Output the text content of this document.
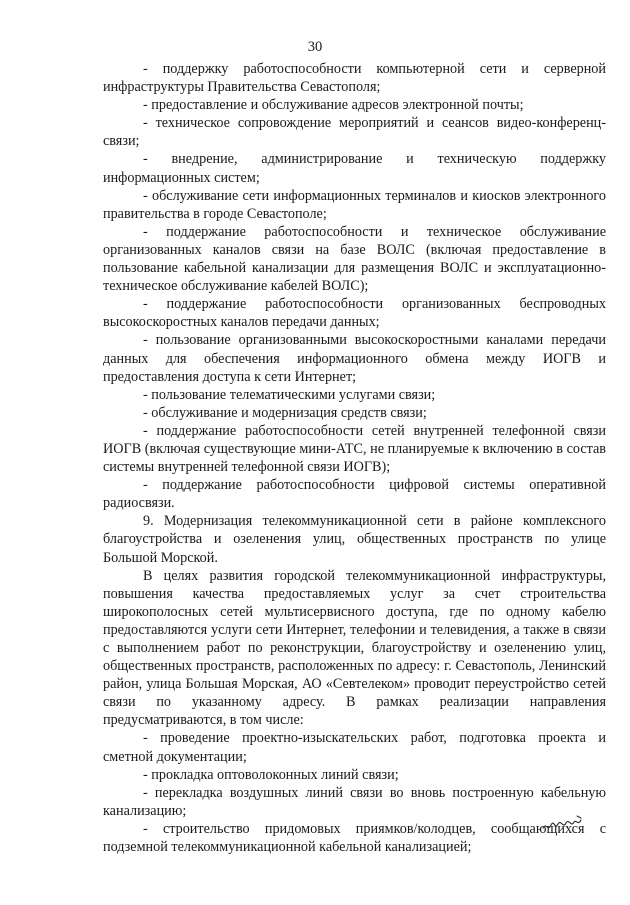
30

- поддержку работоспособности компьютерной сети и серверной инфраструктуры Правительства Севастополя;

- предоставление и обслуживание адресов электронной почты;

- техническое сопровождение мероприятий и сеансов видео-конференц-связи;

- внедрение, администрирование и техническую поддержку информационных систем;

- обслуживание сети информационных терминалов и киосков электронного правительства в городе Севастополе;

- поддержание работоспособности и техническое обслуживание организованных каналов связи на базе ВОЛС (включая предоставление в пользование кабельной канализации для размещения ВОЛС и эксплуатационно-техническое обслуживание кабелей ВОЛС);

- поддержание работоспособности организованных беспроводных высокоскоростных каналов передачи данных;

- пользование организованными высокоскоростными каналами передачи данных для обеспечения информационного обмена между ИОГВ и предоставления доступа к сети Интернет;

- пользование телематическими услугами связи;

- обслуживание и модернизация средств связи;

- поддержание работоспособности сетей внутренней телефонной связи ИОГВ (включая существующие мини-АТС, не планируемые к включению в состав системы внутренней телефонной связи ИОГВ);

- поддержание работоспособности цифровой системы оперативной радиосвязи.

9. Модернизация телекоммуникационной сети в районе комплексного благоустройства и озеленения улиц, общественных пространств по улице Большой Морской.

В целях развития городской телекоммуникационной инфраструктуры, повышения качества предоставляемых услуг за счет строительства широкополосных сетей мультисервисного доступа, где по одному кабелю предоставляются услуги сети Интернет, телефонии и телевидения, а также в связи с выполнением работ по реконструкции, благоустройству и озеленению улиц, общественных пространств, расположенных по адресу: г. Севастополь, Ленинский район, улица Большая Морская, АО «Севтелеком» проводит переустройство сетей связи по указанному адресу. В рамках реализации направления предусматриваются, в том числе:

- проведение проектно-изыскательских работ, подготовка проекта и сметной документации;

- прокладка оптоволоконных линий связи;

- перекладка воздушных линий связи во вновь построенную кабельную канализацию;

- строительство придомовых приямков/колодцев, сообщающихся с подземной телекоммуникационной кабельной канализацией;
